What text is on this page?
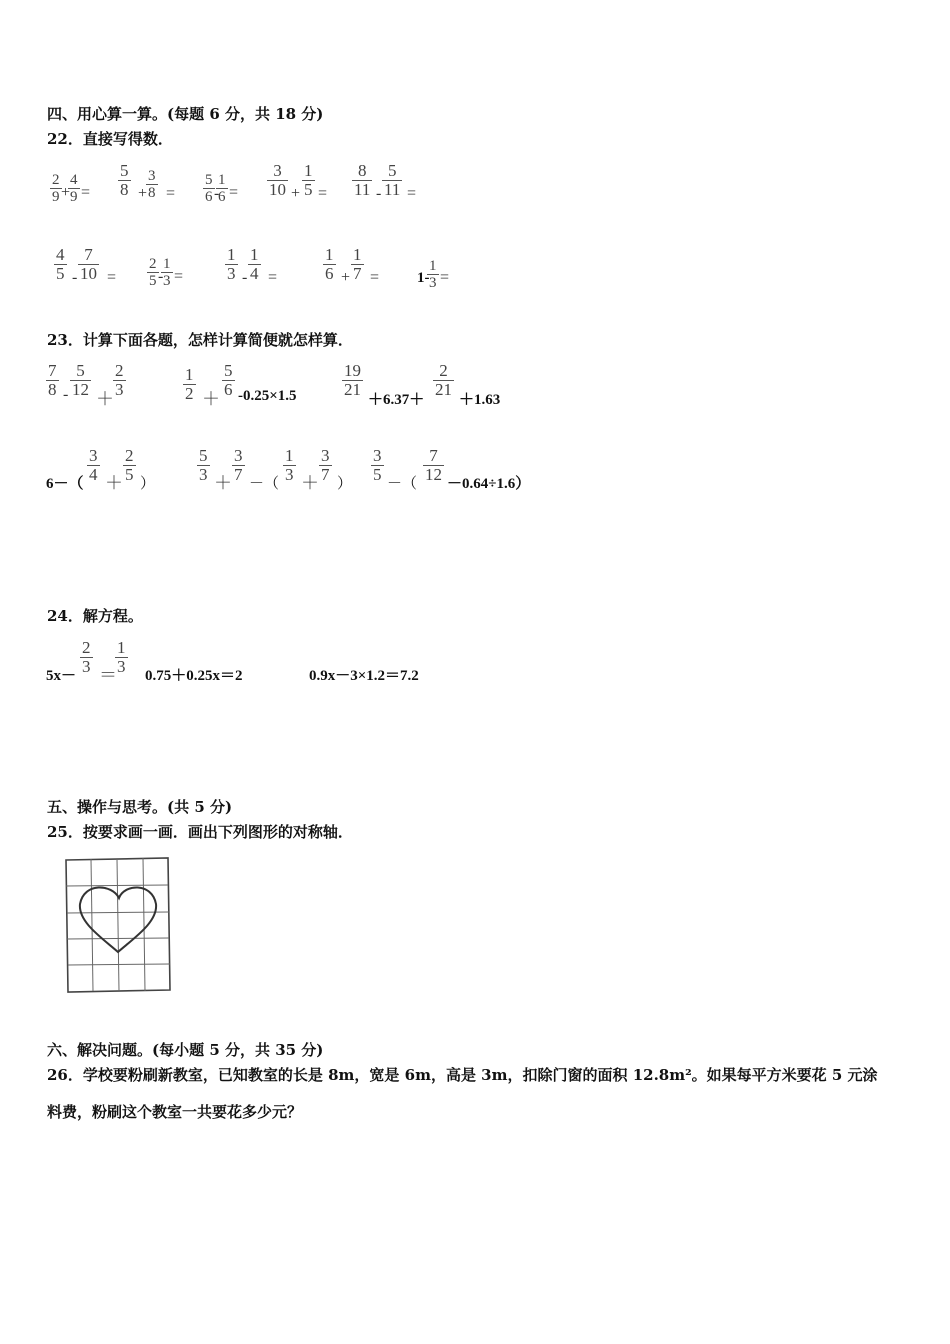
四、用心算一算。(每题 6 分，共 18 分)
22．直接写得数．
2
9 +
4
9 =
5
8 +
3
8 =
5
6 -
1
6 =
3
10 +
1
5 =
8
11 -
5
11 =
4
5 -
7
10 =
2
5 -
1
3 =
1
3 -
1
4 =
1
6 +
1
7 =	1-
1
3 =
23．计算下面各题，怎样计算简便就怎样算．
7
8 -
5
12 ＋
2
3
1
2 ＋
5
6 -0.25×1.5
19
21
＋6.37＋
2
21
＋1.63
6－（
3
4 ＋
2
5 ）
5
3 ＋
3
7 －（
1
3 ＋
3
7 ）
3
5 －（
7
12 －0.64÷1.6）
24．解方程。
5x－
2
3 ＝
1
3 0.75＋0.25x＝2	0.9x－3×1.2＝7.2
五、操作与思考。(共 5 分)
25．按要求画一画．画出下列图形的对称轴．
六、解决问题。(每小题 5 分，共 35 分)
26．学校要粉刷新教室，已知教室的长是 8m，宽是 6m，高是 3m，扣除门窗的面积 12.8m²。如果每平方米要花 5 元涂
料费，粉刷这个教室一共要花多少元？
